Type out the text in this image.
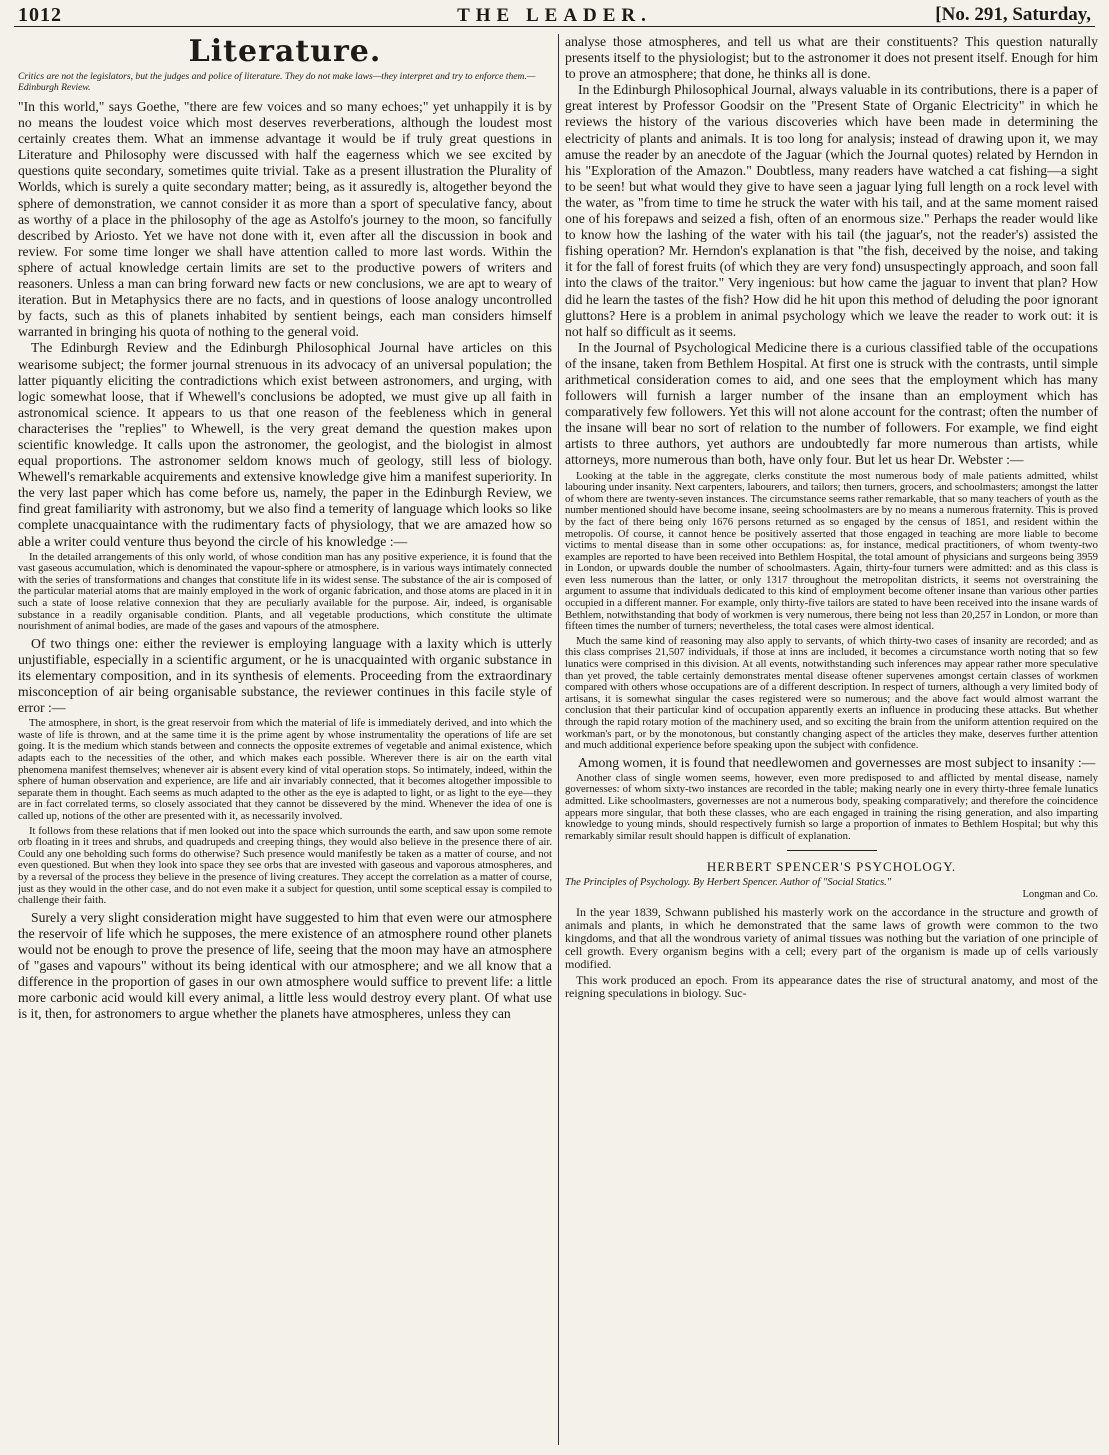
1012	THE LEADER.	[No. 291, Saturday,
Literature.
Critics are not the legislators, but the judges and police of literature. They do not make laws—they interpret and try to enforce them.—Edinburgh Review.

"In this world," says Goethe, "there are few voices and so many echoes;" yet unhappily it is by no means the loudest voice which most deserves reverberations, although the loudest most certainly creates them. What an immense advantage it would be if truly great questions in Literature and Philosophy were discussed with half the eagerness which we see excited by questions quite secondary, sometimes quite trivial. Take as a present illustration the Plurality of Worlds, which is surely a quite secondary matter; being, as it assuredly is, altogether beyond the sphere of demonstration, we cannot consider it as more than a sport of speculative fancy, about as worthy of a place in the philosophy of the age as Astolfo's journey to the moon, so fancifully described by Ariosto. Yet we have not done with it, even after all the discussion in book and review. For some time longer we shall have attention called to more last words. Within the sphere of actual knowledge certain limits are set to the productive powers of writers and reasoners. Unless a man can bring forward new facts or new conclusions, we are apt to weary of iteration. But in Metaphysics there are no facts, and in questions of loose analogy uncontrolled by facts, such as this of planets inhabited by sentient beings, each man considers himself warranted in bringing his quota of nothing to the general void.

The Edinburgh Review and the Edinburgh Philosophical Journal have articles on this wearisome subject; the former journal strenuous in its advocacy of an universal population; the latter piquantly eliciting the contradictions which exist between astronomers, and urging, with logic somewhat loose, that if Whewell's conclusions be adopted, we must give up all faith in astronomical science. It appears to us that one reason of the feebleness which in general characterises the "replies" to Whewell, is the very great demand the question makes upon scientific knowledge. It calls upon the astronomer, the geologist, and the biologist in almost equal proportions. The astronomer seldom knows much of geology, still less of biology. Whewell's remarkable acquirements and extensive knowledge give him a manifest superiority. In the very last paper which has come before us, namely, the paper in the Edinburgh Review, we find great familiarity with astronomy, but we also find a temerity of language which looks so like complete unacquaintance with the rudimentary facts of physiology, that we are amazed how so able a writer could venture thus beyond the circle of his knowledge :—

In the detailed arrangements of this only world, of whose condition man has any positive experience, it is found that the vast gaseous accumulation, which is denominated the vapour-sphere or atmosphere, is in various ways intimately connected with the series of transformations and changes that constitute life in its widest sense. The substance of the air is composed of the particular material atoms that are mainly employed in the work of organic fabrication, and those atoms are placed in it in such a state of loose relative connexion that they are peculiarly available for the purpose. Air, indeed, is organisable substance in a readily organisable condition. Plants, and all vegetable productions, which constitute the ultimate nourishment of animal bodies, are made of the gases and vapours of the atmosphere.

Of two things one: either the reviewer is employing language with a laxity which is utterly unjustifiable, especially in a scientific argument, or he is unacquainted with organic substance in its elementary composition, and in its synthesis of elements. Proceeding from the extraordinary misconception of air being organisable substance, the reviewer continues in this facile style of error :—

The atmosphere, in short, is the great reservoir from which the material of life is immediately derived, and into which the waste of life is thrown, and at the same time it is the prime agent by whose instrumentality the operations of life are set going. It is the medium which stands between and connects the opposite extremes of vegetable and animal existence, which adapts each to the necessities of the other, and which makes each possible. Wherever there is air on the earth vital phenomena manifest themselves; whenever air is absent every kind of vital operation stops. So intimately, indeed, within the sphere of human observation and experience, are life and air invariably connected, that it becomes altogether impossible to separate them in thought. Each seems as much adapted to the other as the eye is adapted to light, or as light to the eye—they are in fact correlated terms, so closely associated that they cannot be dissevered by the mind. Whenever the idea of one is called up, notions of the other are presented with it, as necessarily involved.

It follows from these relations that if men looked out into the space which surrounds the earth, and saw upon some remote orb floating in it trees and shrubs, and quadrupeds and creeping things, they would also believe in the presence there of air. Could any one beholding such forms do otherwise? Such presence would manifestly be taken as a matter of course, and not even questioned. But when they look into space they see orbs that are invested with gaseous and vaporous atmospheres, and by a reversal of the process they believe in the presence of living creatures. They accept the correlation as a matter of course, just as they would in the other case, and do not even make it a subject for question, until some sceptical essay is compiled to challenge their faith.

Surely a very slight consideration might have suggested to him that even were our atmosphere the reservoir of life which he supposes, the mere existence of an atmosphere round other planets would not be enough to prove the presence of life, seeing that the moon may have an atmosphere of "gases and vapours" without its being identical with our atmosphere; and we all know that a difference in the proportion of gases in our own atmosphere would suffice to prevent life: a little more carbonic acid would kill every animal, a little less would destroy every plant. Of what use is it, then, for astronomers to argue whether the planets have atmospheres, unless they can

analyse those atmospheres, and tell us what are their constituents? This question naturally presents itself to the physiologist; but to the astronomer it does not present itself. Enough for him to prove an atmosphere; that done, he thinks all is done.

In the Edinburgh Philosophical Journal, always valuable in its contributions, there is a paper of great interest by Professor Goodsir on the "Present State of Organic Electricity" in which he reviews the history of the various discoveries which have been made in determining the electricity of plants and animals. It is too long for analysis; instead of drawing upon it, we may amuse the reader by an anecdote of the Jaguar (which the Journal quotes) related by Herndon in his "Exploration of the Amazon." Doubtless, many readers have watched a cat fishing—a sight to be seen! but what would they give to have seen a jaguar lying full length on a rock level with the water, as "from time to time he struck the water with his tail, and at the same moment raised one of his forepaws and seized a fish, often of an enormous size." Perhaps the reader would like to know how the lashing of the water with his tail (the jaguar's, not the reader's) assisted the fishing operation? Mr. Herndon's explanation is that "the fish, deceived by the noise, and taking it for the fall of forest fruits (of which they are very fond) unsuspectingly approach, and soon fall into the claws of the traitor." Very ingenious: but how came the jaguar to invent that plan? How did he learn the tastes of the fish? How did he hit upon this method of deluding the poor ignorant gluttons? Here is a problem in animal psychology which we leave the reader to work out: it is not half so difficult as it seems.

In the Journal of Psychological Medicine there is a curious classified table of the occupations of the insane, taken from Bethlem Hospital. At first one is struck with the contrasts, until simple arithmetical consideration comes to aid, and one sees that the employment which has many followers will furnish a larger number of the insane than an employment which has comparatively few followers. Yet this will not alone account for the contrast; often the number of the insane will bear no sort of relation to the number of followers. For example, we find eight artists to three authors, yet authors are undoubtedly far more numerous than artists, while attorneys, more numerous than both, have only four. But let us hear Dr. Webster :—

Looking at the table in the aggregate, clerks constitute the most numerous body of male patients admitted, whilst labouring under insanity. Next carpenters, labourers, and tailors; then turners, grocers, and schoolmasters; amongst the latter of whom there are twenty-seven instances. The circumstance seems rather remarkable, that so many teachers of youth as the number mentioned should have become insane, seeing schoolmasters are by no means a numerous fraternity. This is proved by the fact of there being only 1676 persons returned as so engaged by the census of 1851, and resident within the metropolis. Of course, it cannot hence be positively asserted that those engaged in teaching are more liable to become victims to mental disease than in some other occupations: as, for instance, medical practitioners, of whom twenty-two examples are reported to have been received into Bethlem Hospital, the total amount of physicians and surgeons being 3959 in London, or upwards double the number of schoolmasters. Again, thirty-four turners were admitted: and as this class is even less numerous than the latter, or only 1317 throughout the metropolitan districts, it seems not overstraining the argument to assume that individuals dedicated to this kind of employment become oftener insane than various other parties occupied in a different manner. For example, only thirty-five tailors are stated to have been received into the insane wards of Bethlem, notwithstanding that body of workmen is very numerous, there being not less than 20,257 in London, or more than fifteen times the number of turners; nevertheless, the total cases were almost identical.

Much the same kind of reasoning may also apply to servants, of which thirty-two cases of insanity are recorded; and as this class comprises 21,507 individuals, if those at inns are included, it becomes a circumstance worth noting that so few lunatics were comprised in this division. At all events, notwithstanding such inferences may appear rather more speculative than yet proved, the table certainly demonstrates mental disease oftener supervenes amongst certain classes of workmen compared with others whose occupations are of a different description. In respect of turners, although a very limited body of artisans, it is somewhat singular the cases registered were so numerous; and the above fact would almost warrant the conclusion that their particular kind of occupation apparently exerts an influence in producing these attacks. But whether through the rapid rotary motion of the machinery used, and so exciting the brain from the uniform attention required on the workman's part, or by the monotonous, but constantly changing aspect of the articles they make, deserves further attention and much additional experience before speaking upon the subject with confidence.

Among women, it is found that needlewomen and governesses are most subject to insanity :—

Another class of single women seems, however, even more predisposed to and afflicted by mental disease, namely governesses: of whom sixty-two instances are recorded in the table; making nearly one in every thirty-three female lunatics admitted. Like schoolmasters, governesses are not a numerous body, speaking comparatively; and therefore the coincidence appears more singular, that both these classes, who are each engaged in training the rising generation, and also imparting knowledge to young minds, should respectively furnish so large a proportion of inmates to Bethlem Hospital; but why this remarkably similar result should happen is difficult of explanation.

HERBERT SPENCER'S PSYCHOLOGY.
The Principles of Psychology. By Herbert Spencer. Author of "Social Statics."
Longman and Co.

In the year 1839, Schwann published his masterly work on the accordance in the structure and growth of animals and plants, in which he demonstrated that the same laws of growth were common to the two kingdoms, and that all the wondrous variety of animal tissues was nothing but the variation of one principle of cell growth. Every organism begins with a cell; every part of the organism is made up of cells variously modified.

This work produced an epoch. From its appearance dates the rise of structural anatomy, and most of the reigning speculations in biology. Suc-
